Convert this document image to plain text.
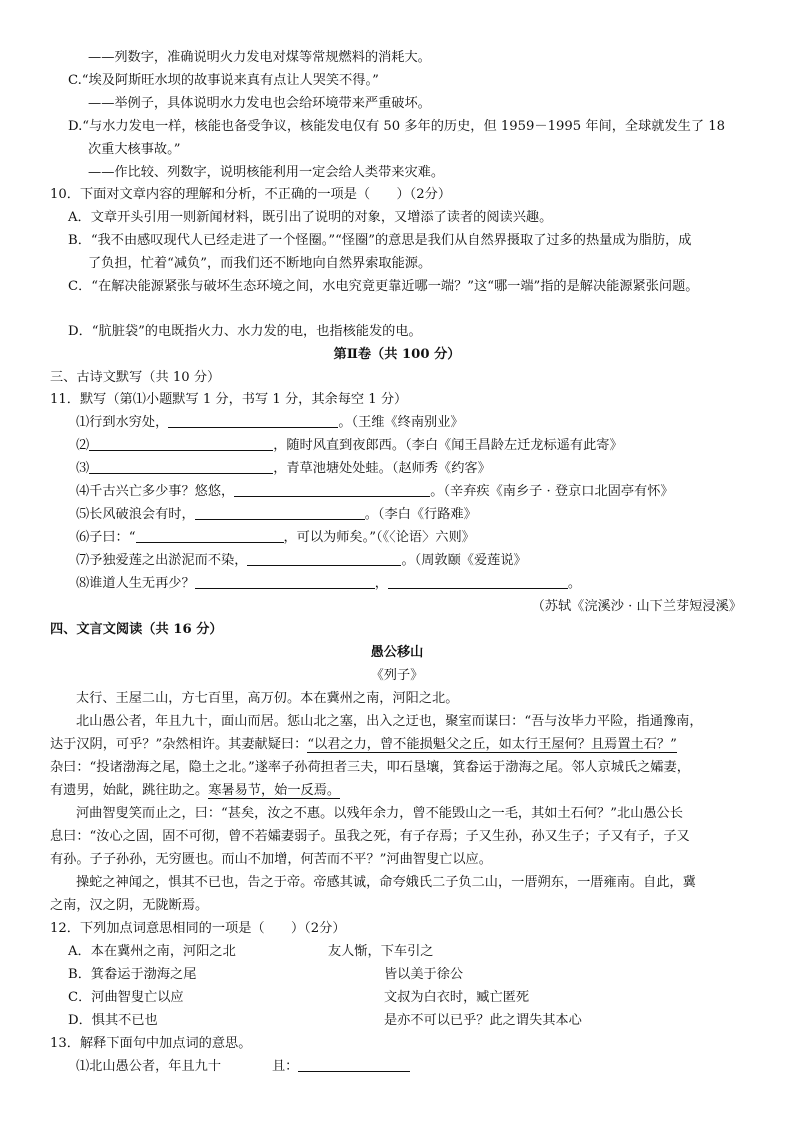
——列数字，准确说明火力发电对煤等常规燃料的消耗大。
C.“埃及阿斯旺水坝的故事说来真有点让人哭笑不得。”
——举例子，具体说明水力发电也会给环境带来严重破坏。
D.“与水力发电一样，核能也备受争议，核能发电仅有 50 多年的历史，但 1959－1995 年间，全球就发生了 18
次重大核事故。”
——作比较、列数字，说明核能利用一定会给人类带来灾难。
10．下面对文章内容的理解和分析，不正确的一项是（　　）（2分）
A．文章开头引用一则新闻材料，既引出了说明的对象，又增添了读者的阅读兴趣。
B．“我不由感叹现代人已经走进了一个怪圈。”“怪圈”的意思是我们从自然界摄取了过多的热量成为脂肪，成
了负担，忙着“减负”，而我们还不断地向自然界索取能源。
C．“在解决能源紧张与破坏生态环境之间，水电究竟更靠近哪一端？”这“哪一端”指的是解决能源紧张问题。
D．“肮脏袋”的电既指火力、水力发的电，也指核能发的电。
第Ⅱ卷（共 100 分）
三、古诗文默写（共 10 分）
11．默写（第⑴小题默写 1 分，书写 1 分，其余每空 1 分）
⑴行到水穷处，	。（王维《终南别业》
⑵	，随时风直到夜郎西。（李白《闻王昌龄左迁龙标遥有此寄》
⑶	，青草池塘处处蛙。（赵师秀《约客》
⑷千古兴亡多少事？悠悠，	。（辛弃疾《南乡子 · 登京口北固亭有怀》
⑸长风破浪会有时，	。（李白《行路难》
⑹子曰：“	，可以为师矣。”（《〈论语〉六则》
⑺予独爱莲之出淤泥而不染，	。（周敦颐《爱莲说》
⑻谁道人生无再少？	，	。
（苏轼《浣溪沙 · 山下兰芽短浸溪》
四、文言文阅读（共 16 分）
愚公移山
《列子》
太行、王屋二山，方七百里，高万仞。本在冀州之南，河阳之北。
北山愚公者，年且九十，面山而居。惩山北之塞，出入之迂也，聚室而谋曰：“吾与汝毕力平险，指通豫南，
达于汉阴，可乎？”杂然相许。其妻献疑曰：“以君之力，曾不能损魁父之丘，如太行王屋何？且焉置土石？”
杂曰：“投诸渤海之尾，隐土之北。”遂率子孙荷担者三夫，叩石垦壤，箕畚运于渤海之尾。邻人京城氏之孀妻，
有遗男，始龀，跳往助之。寒暑易节，始一反焉。
河曲智叟笑而止之，曰：“甚矣，汝之不惠。以残年余力，曾不能毁山之一毛，其如土石何？”北山愚公长
息曰：“汝心之固，固不可彻，曾不若孀妻弱子。虽我之死，有子存焉；子又生孙，孙又生子；子又有子，子又
有孙。子子孙孙，无穷匮也。而山不加增，何苦而不平？”河曲智叟亡以应。
操蛇之神闻之，惧其不已也，告之于帝。帝感其诚，命夸娥氏二子负二山，一厝朔东，一厝雍南。自此，冀
之南，汉之阴，无陇断焉。
12．下列加点词意思相同的一项是（　　）（2分）
A．本在冀州之南，河阳之北	友人惭，下车引之
B．箕畚运于渤海之尾	皆以美于徐公
C．河曲智叟亡以应	文叔为白衣时，臧亡匿死
D．惧其不已也	是亦不可以已乎？此之谓失其本心
13．解释下面句中加点词的意思。
⑴北山愚公者，年且九十	且：
